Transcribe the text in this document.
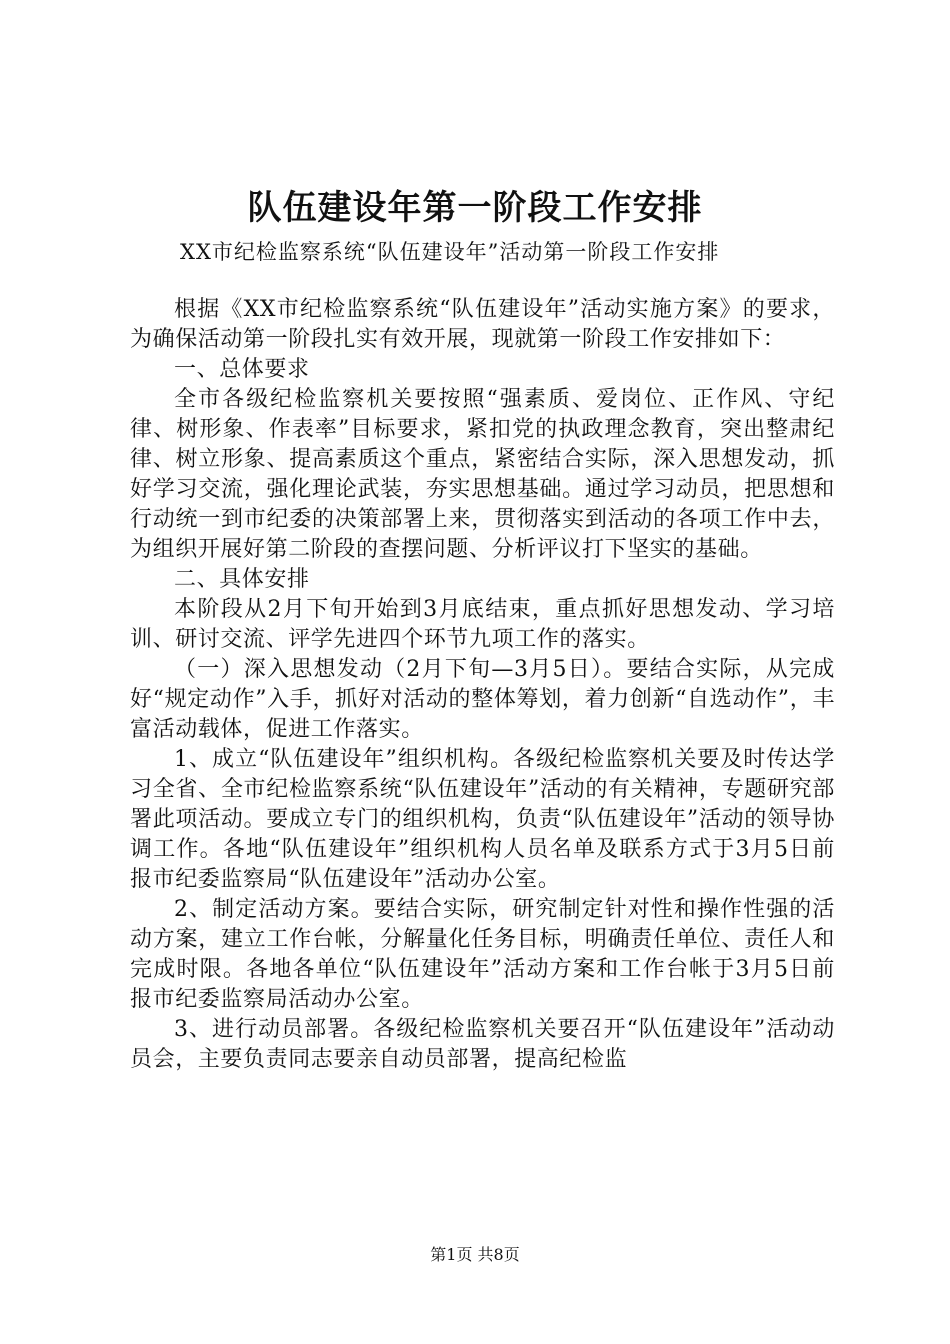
队伍建设年第一阶段工作安排
XX市纪检监察系统“队伍建设年”活动第一阶段工作安排

根据《XX市纪检监察系统“队伍建设年”活动实施方案》的要求，为确保活动第一阶段扎实有效开展，现就第一阶段工作安排如下：

一、总体要求

全市各级纪检监察机关要按照“强素质、爱岗位、正作风、守纪律、树形象、作表率”目标要求，紧扣党的执政理念教育，突出整肃纪律、树立形象、提高素质这个重点，紧密结合实际，深入思想发动，抓好学习交流，强化理论武装，夯实思想基础。通过学习动员，把思想和行动统一到市纪委的决策部署上来，贯彻落实到活动的各项工作中去，为组织开展好第二阶段的查摆问题、分析评议打下坚实的基础。

二、具体安排

本阶段从2月下旬开始到3月底结束，重点抓好思想发动、学习培训、研讨交流、评学先进四个环节九项工作的落实。

（一）深入思想发动（2月下旬—3月5日）。要结合实际，从完成好“规定动作”入手，抓好对活动的整体筹划，着力创新“自选动作”，丰富活动载体，促进工作落实。

1、成立“队伍建设年”组织机构。各级纪检监察机关要及时传达学习全省、全市纪检监察系统“队伍建设年”活动的有关精神，专题研究部署此项活动。要成立专门的组织机构，负责“队伍建设年”活动的领导协调工作。各地“队伍建设年”组织机构人员名单及联系方式于3月5日前报市纪委监察局“队伍建设年”活动办公室。

2、制定活动方案。要结合实际，研究制定针对性和操作性强的活动方案，建立工作台帐，分解量化任务目标，明确责任单位、责任人和完成时限。各地各单位“队伍建设年”活动方案和工作台帐于3月5日前报市纪委监察局活动办公室。

3、进行动员部署。各级纪检监察机关要召开“队伍建设年”活动动员会，主要负责同志要亲自动员部署，提高纪检监

第1页 共8页
